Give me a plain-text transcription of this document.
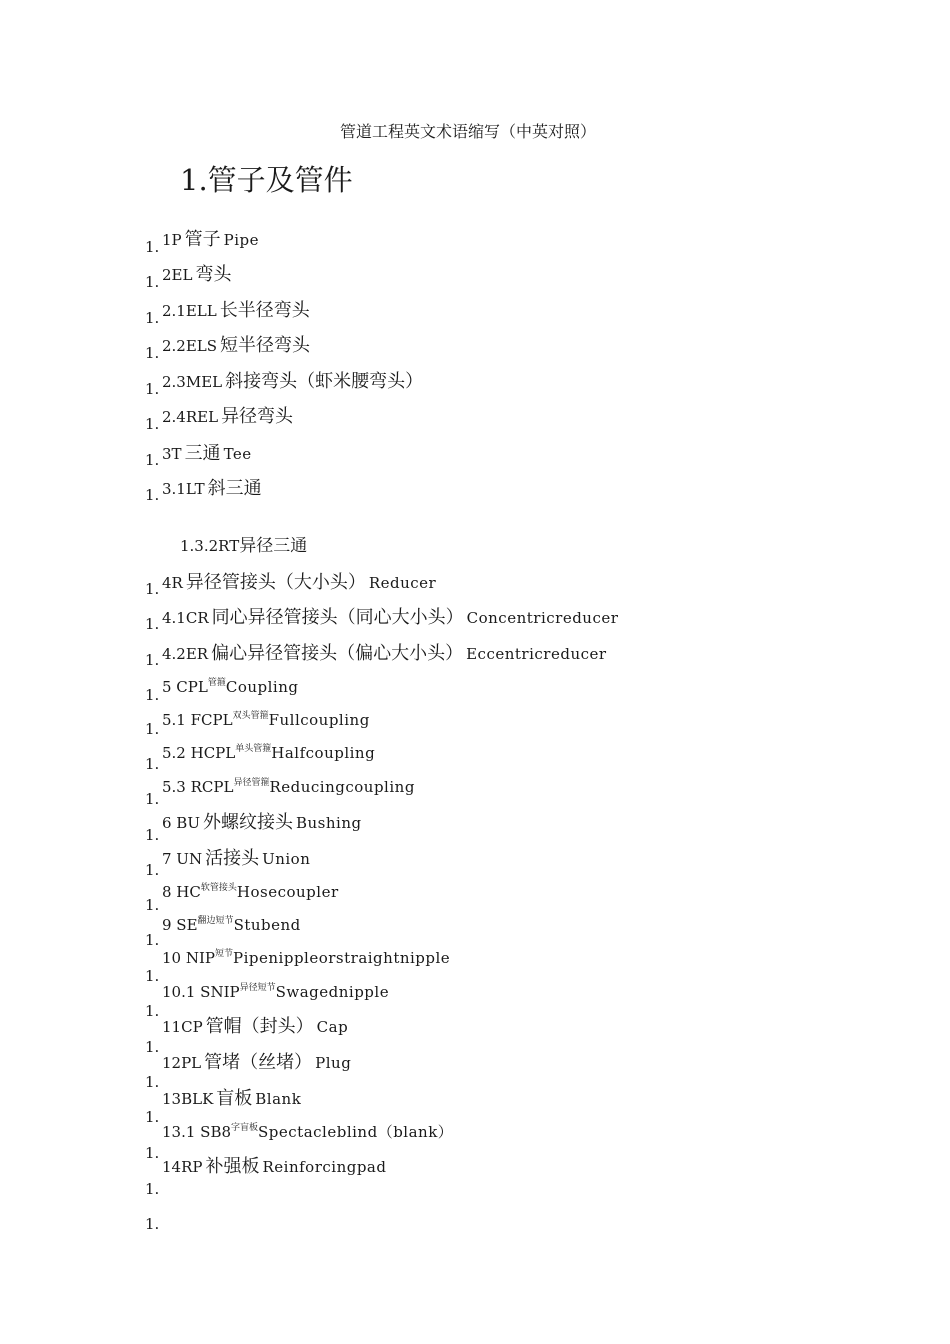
管道工程英文术语缩写（中英对照）
1.管子及管件
1.3.2RT异径三通
1.
1.
1.
1.
1.
1.
1.
1.
1.
1.
1.
1.
1.
1.
1.
1.
1.
1.
1.
1.
1.
1.
1.
1.
1.
1.
1.
1P 管子 Pipe
2EL 弯头
2.1ELL 长半径弯头
2.2ELS 短半径弯头
2.3MEL 斜接弯头（虾米腰弯头）
2.4REL 异径弯头
3T 三通 Tee
3.1LT 斜三通
4R 异径管接头（大小头） Reducer
4.1CR 同心异径管接头（同心大小头） Concentricreducer
4.2ER 偏心异径管接头（偏心大小头） Eccentricreducer
5 $CPL^{管箍}Coupling$
5.1 $FCPL^{双头管箍}Fullcoupling$
5.2 $HCPL^{单头管箍}Halfcoupling$
5.3 $RCPL^{异径管箍}Reducingcoupling$
6 BU 外螺纹接头 Bushing
7 UN 活接头 Union
8 $HC^{软管接头}Hosecoupler$
9 $SE^{翻边短节}Stubend$
10 $NIP^{短节}Pipenippleorstraightnipple$
10.1 $SNIP^{异径短节}Swagednipple$
11CP 管帽（封头） Cap
12PL 管堵（丝堵） Plug
13BLK 盲板 Blank
13.1 $SB8^{字盲板}Spectacleblind(blank)$
14RP 补强板 Reinforcingpad
